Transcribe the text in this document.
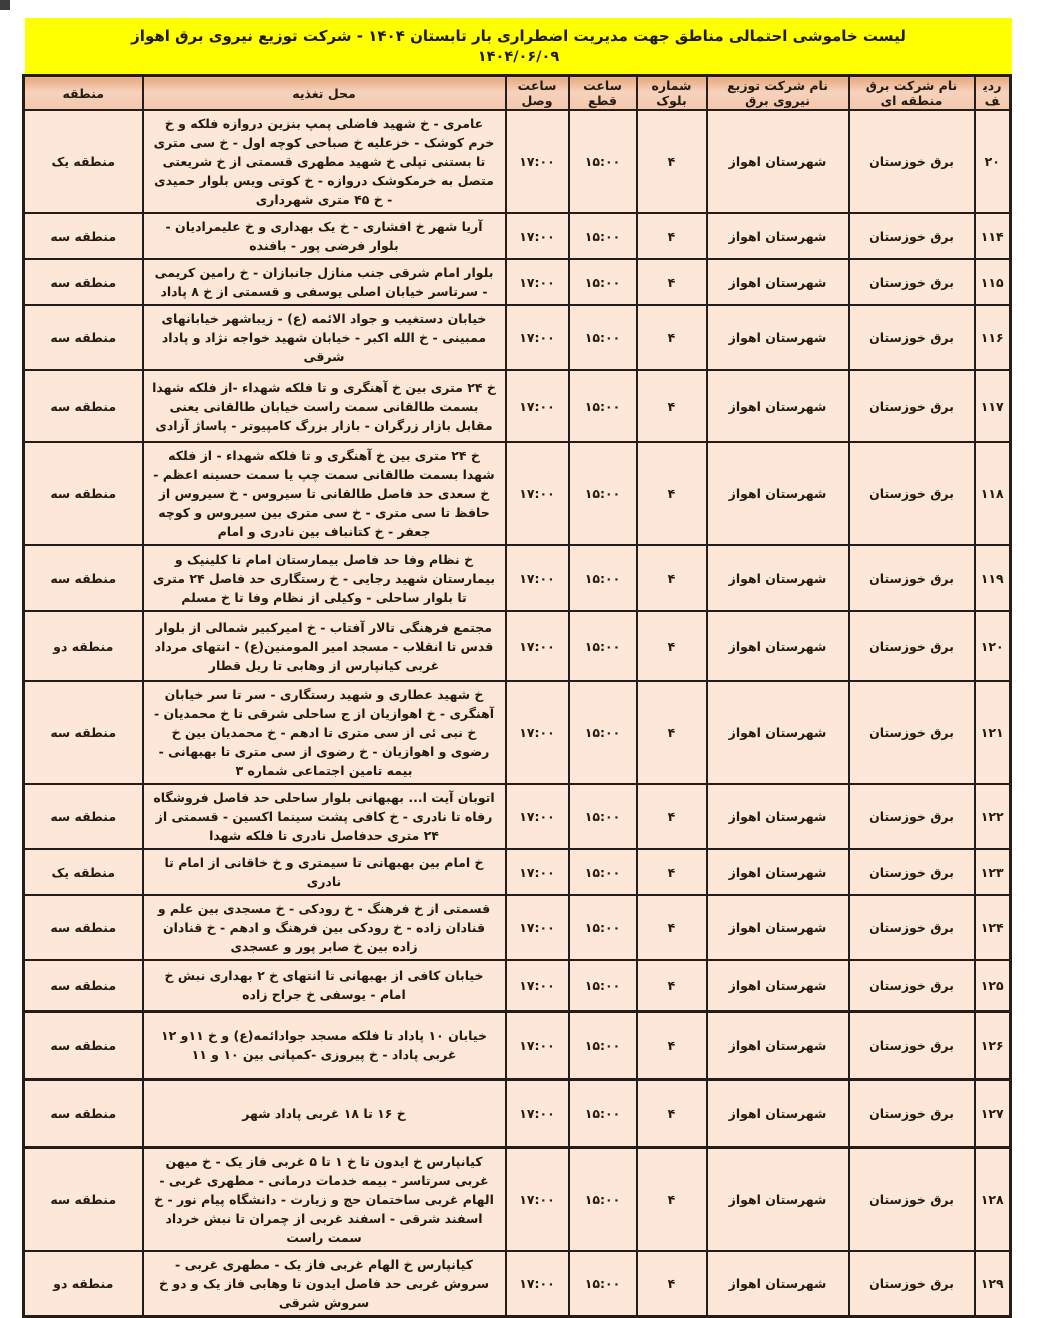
لیست خاموشی احتمالی مناطق جهت مدیریت اضطراری بار تابستان ۱۴۰۴ - شرکت توزیع نیروی برق اهواز
۱۴۰۴/۰۶/۰۹
ردیف	نام شرکت برق منطقه ای	نام شرکت توزیع نیروی برق	شماره بلوک	ساعت قطع	ساعت وصل	محل تغذیه	منطقه
۲۰	برق خوزستان	شهرستان اهواز	۴	۱۵:۰۰	۱۷:۰۰	عامری - خ شهید فاضلی پمپ بنزین دروازه فلکه و خ خرم کوشک - خزعلیه خ صباحی کوچه اول - خ سی متری تا بستنی تپلی خ شهید مطهری قسمتی از خ شریعتی متصل به خرمکوشک دروازه - خ کوتی ویس بلوار حمیدی - خ ۴۵ متری شهرداری	منطقه یک
۱۱۴	برق خوزستان	شهرستان اهواز	۴	۱۵:۰۰	۱۷:۰۰	آریا شهر خ افشاری - خ یک بهداری و خ علیمرادیان - بلوار فرضی پور - بافنده	منطقه سه
۱۱۵	برق خوزستان	شهرستان اهواز	۴	۱۵:۰۰	۱۷:۰۰	بلوار امام شرقی جنب منازل جانبازان - خ رامین کریمی - سرتاسر خیابان اصلی یوسفی و قسمتی از خ ۸ پاداد	منطقه سه
۱۱۶	برق خوزستان	شهرستان اهواز	۴	۱۵:۰۰	۱۷:۰۰	خیابان دستغیب و جواد الائمه (ع) - زیباشهر خیابانهای ممبینی - خ الله اکبر - خیابان شهید خواجه نژاد و پاداد شرقی	منطقه سه
۱۱۷	برق خوزستان	شهرستان اهواز	۴	۱۵:۰۰	۱۷:۰۰	خ ۲۴ متری بین خ آهنگری و تا فلکه شهداء -از فلکه شهدا بسمت طالقانی سمت راست خیابان طالقانی یعنی مقابل بازار زرگران - بازار بزرگ کامپیوتر - پاساژ آزادی	منطقه سه
۱۱۸	برق خوزستان	شهرستان اهواز	۴	۱۵:۰۰	۱۷:۰۰	خ ۲۴ متری بین خ آهنگری و تا فلکه شهداء - از فلکه شهدا بسمت طالقانی سمت چپ یا سمت حسینه اعظم - خ سعدی حد فاصل طالقانی تا سیروس - خ سیروس از حافظ تا سی متری - خ سی متری بین سیروس و کوچه جعفر - خ کتانباف بین نادری و امام	منطقه سه
۱۱۹	برق خوزستان	شهرستان اهواز	۴	۱۵:۰۰	۱۷:۰۰	خ نظام وفا حد فاصل بیمارستان امام تا کلینیک و بیمارستان شهید رجایی - خ رستگاری حد فاصل ۲۴ متری تا بلوار ساحلی - وکیلی از نظام وفا تا خ مسلم	منطقه سه
۱۲۰	برق خوزستان	شهرستان اهواز	۴	۱۵:۰۰	۱۷:۰۰	مجتمع فرهنگی تالار آفتاب - خ امیرکبیر شمالی از بلوار قدس تا انقلاب - مسجد امیر المومنین(ع) - انتهای مرداد غربی کیانپارس از وهابی تا ریل قطار	منطقه دو
۱۲۱	برق خوزستان	شهرستان اهواز	۴	۱۵:۰۰	۱۷:۰۰	خ شهید عطاری و شهید رستگاری - سر تا سر خیابان آهنگری - خ اهوازیان از ج ساحلی شرقی تا خ محمدیان - خ نبی ئی از سی متری تا ادهم - خ محمدیان بین خ رضوی و اهوازیان - خ رضوی از سی متری تا بهبهانی - بیمه تامین اجتماعی شماره ۳	منطقه سه
۱۲۲	برق خوزستان	شهرستان اهواز	۴	۱۵:۰۰	۱۷:۰۰	اتوبان آیت ا... بهبهانی بلوار ساحلی حد فاصل فروشگاه رفاه تا نادری - خ کافی پشت سینما اکسین - قسمتی از ۲۴ متری حدفاصل نادری تا فلکه شهدا	منطقه سه
۱۲۳	برق خوزستان	شهرستان اهواز	۴	۱۵:۰۰	۱۷:۰۰	خ امام بین بهبهانی تا سیمتری و خ خاقانی از امام تا نادری	منطقه یک
۱۲۴	برق خوزستان	شهرستان اهواز	۴	۱۵:۰۰	۱۷:۰۰	قسمتی از خ فرهنگ - خ رودکی - خ مسجدی بین علم و قنادان زاده - خ رودکی بین فرهنگ و ادهم - خ قنادان زاده بین خ صابر پور و عسجدی	منطقه سه
۱۲۵	برق خوزستان	شهرستان اهواز	۴	۱۵:۰۰	۱۷:۰۰	خیابان کافی از بهبهانی تا انتهای خ ۲ بهداری نبش خ امام - یوسفی خ جراح زاده	منطقه سه
۱۲۶	برق خوزستان	شهرستان اهواز	۴	۱۵:۰۰	۱۷:۰۰	خیابان ۱۰ پاداد تا فلکه مسجد جوادائمه(ع) و خ ۱۱و ۱۲ غربی پاداد - خ پیروزی -کمپانی بین ۱۰ و ۱۱	منطقه سه
۱۲۷	برق خوزستان	شهرستان اهواز	۴	۱۵:۰۰	۱۷:۰۰	خ ۱۶ تا ۱۸ غربی پاداد شهر	منطقه سه
۱۲۸	برق خوزستان	شهرستان اهواز	۴	۱۵:۰۰	۱۷:۰۰	کیانپارس خ ایدون تا خ ۱ تا ۵ غربی فاز یک - خ میهن غربی سرتاسر - بیمه خدمات درمانی - مطهری غربی - الهام غربی ساختمان حج و زیارت - دانشگاه پیام نور - خ اسفند شرقی - اسفند غربی از چمران تا نبش خرداد سمت راست	منطقه سه
۱۲۹	برق خوزستان	شهرستان اهواز	۴	۱۵:۰۰	۱۷:۰۰	کیانپارس خ الهام غربی فاز یک - مطهری غربی - سروش غربی حد فاصل ایدون تا وهابی فاز یک و دو خ سروش شرقی	منطقه دو
